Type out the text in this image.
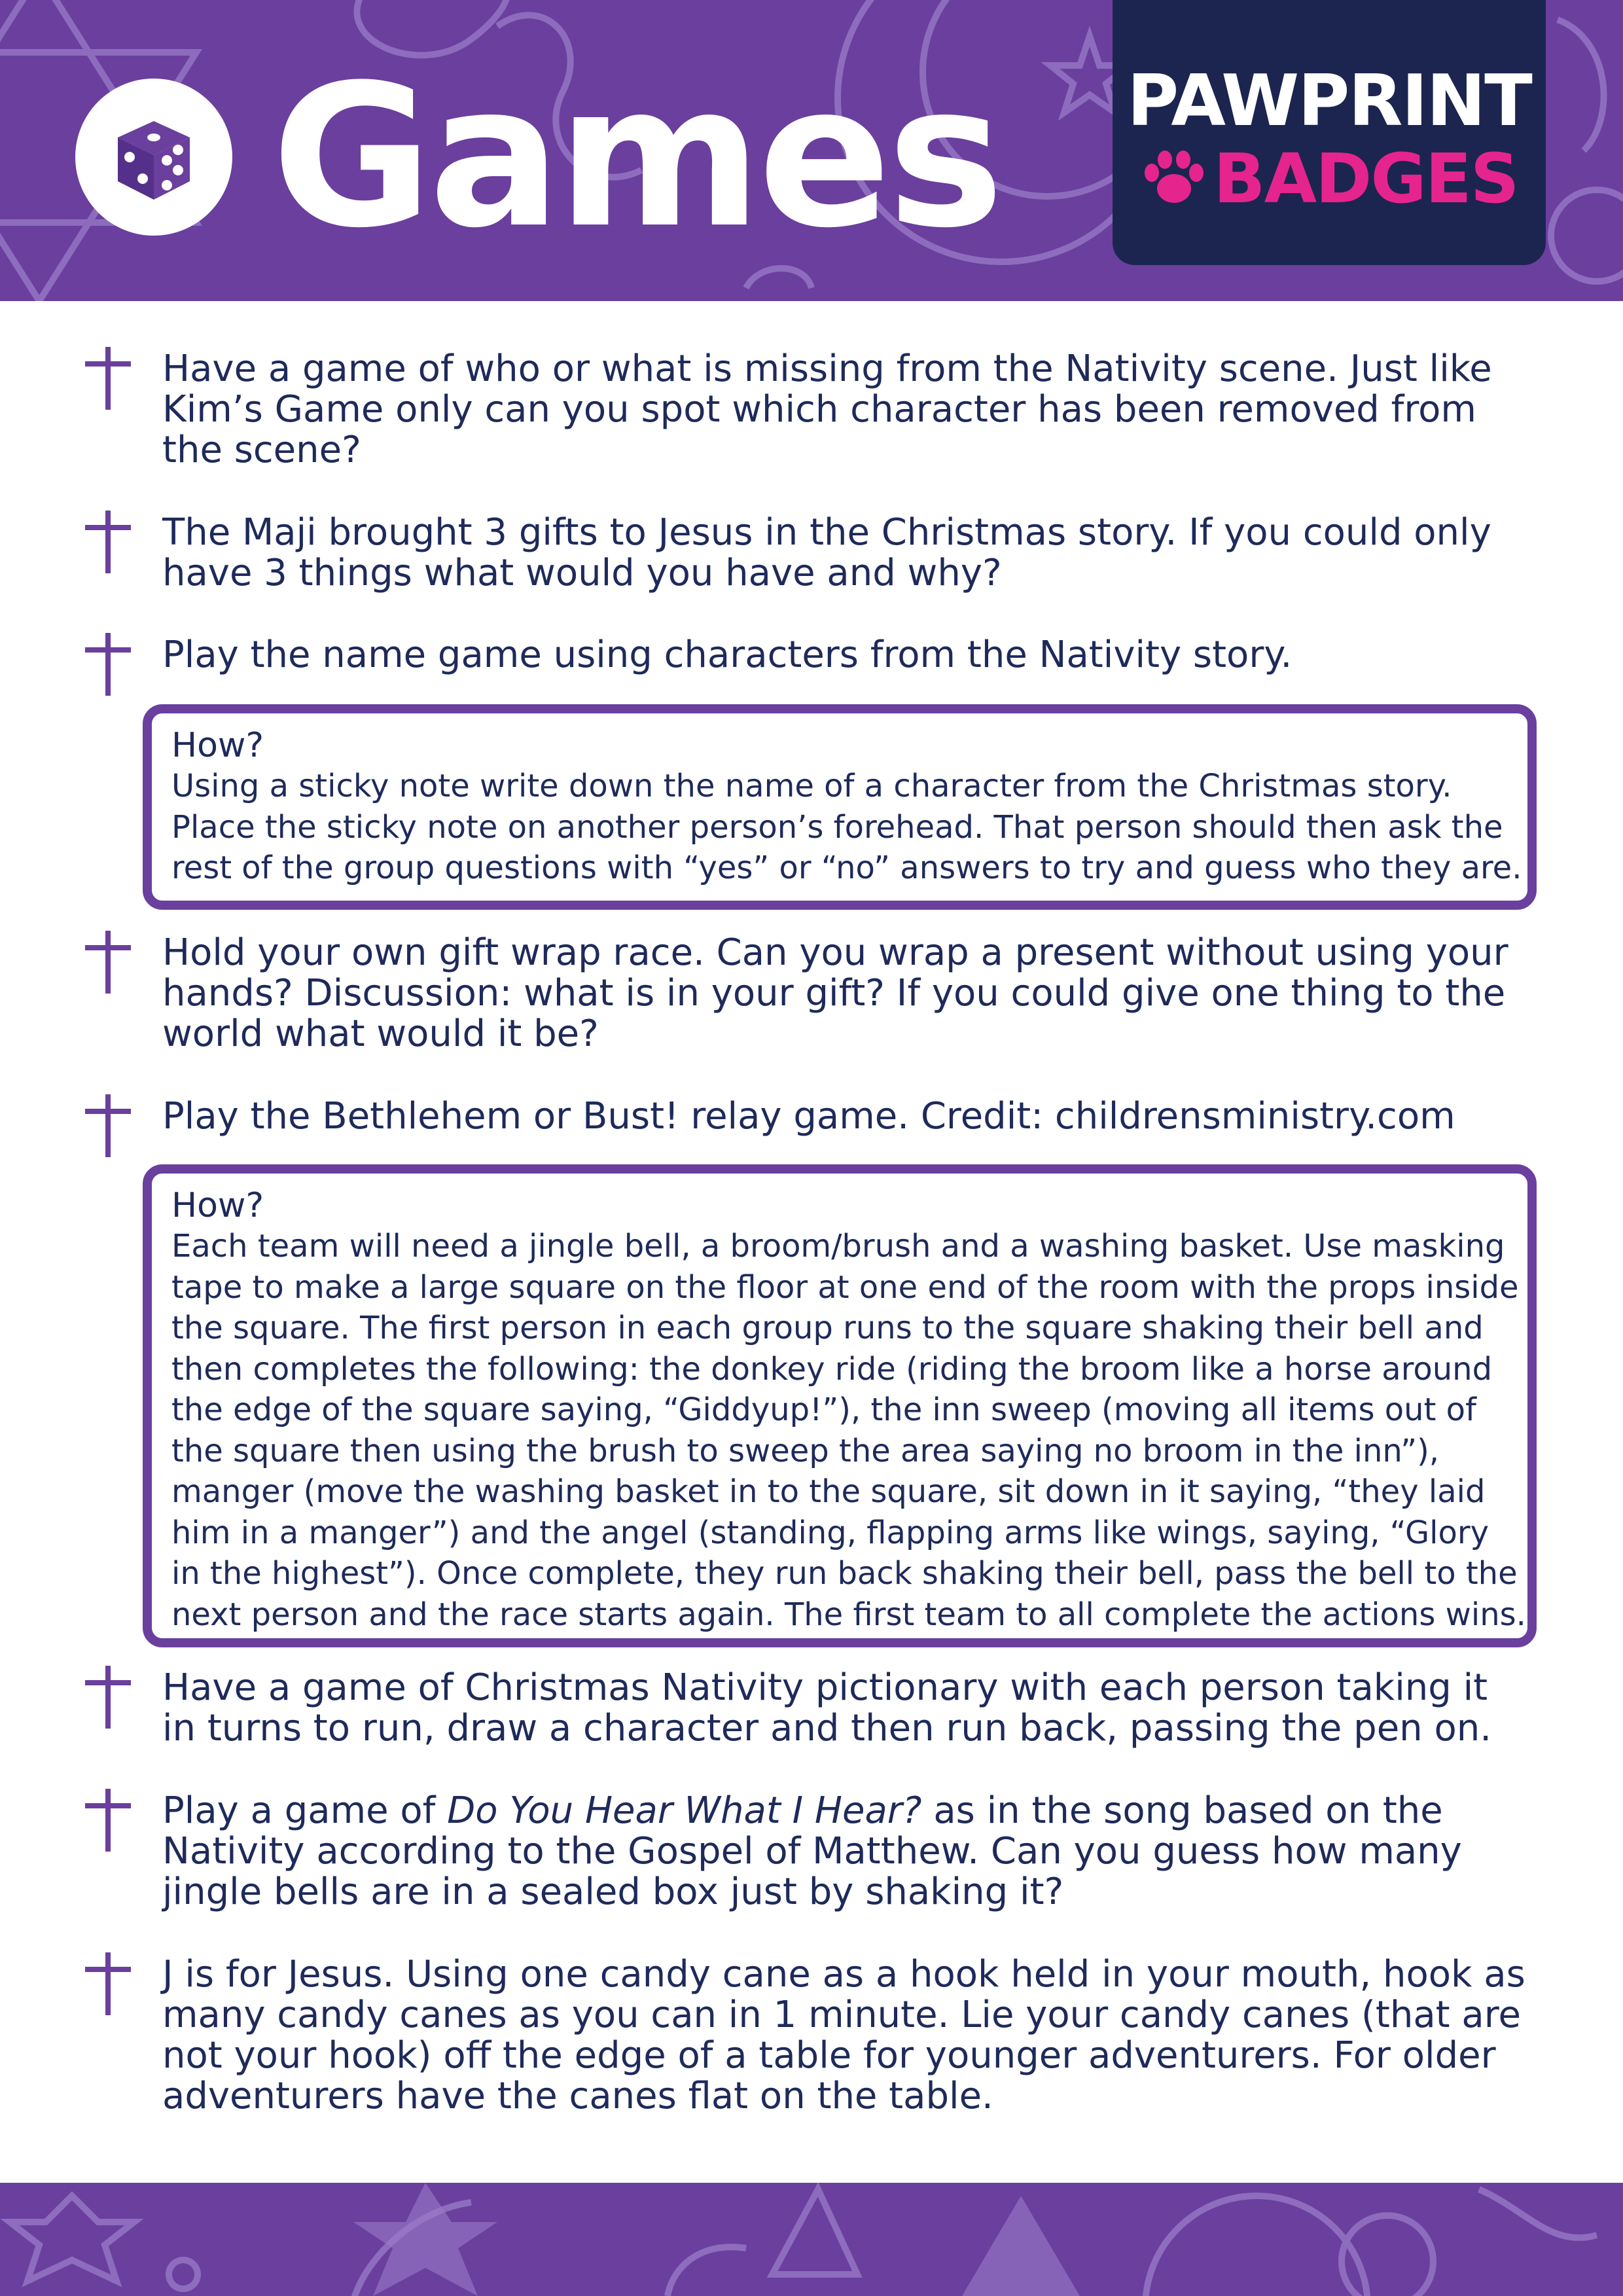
Games PAWPRINT
BADGES
Have a game of who or what is missing from the Nativity scene. Just like Kim’s Game only can you spot which character has been removed from the scene?
The Maji brought 3 gifts to Jesus in the Christmas story. If you could only have 3 things what would you have and why?
Play the name game using characters from the Nativity story.
How?
Using a sticky note write down the name of a character from the Christmas story. Place the sticky note on another person’s forehead. That person should then ask the rest of the group questions with “yes” or “no” answers to try and guess who they are.
Hold your own gift wrap race. Can you wrap a present without using your hands? Discussion: what is in your gift? If you could give one thing to the world what would it be?
Play the Bethlehem or Bust! relay game. Credit: childrensministry.com
How?
Each team will need a jingle bell, a broom/brush and a washing basket. Use masking tape to make a large square on the floor at one end of the room with the props inside the square. The first person in each group runs to the square shaking their bell and then completes the following: the donkey ride (riding the broom like a horse around the edge of the square saying, “Giddyup!”), the inn sweep (moving all items out of the square then using the brush to sweep the area saying no broom in the inn”), manger (move the washing basket in to the square, sit down in it saying, “they laid him in a manger”) and the angel (standing, flapping arms like wings, saying, “Glory in the highest”). Once complete, they run back shaking their bell, pass the bell to the next person and the race starts again. The first team to all complete the actions wins.
Have a game of Christmas Nativity pictionary with each person taking it in turns to run, draw a character and then run back, passing the pen on.
Play a game of Do You Hear What I Hear? as in the song based on the Nativity according to the Gospel of Matthew. Can you guess how many jingle bells are in a sealed box just by shaking it?
J is for Jesus. Using one candy cane as a hook held in your mouth, hook as many candy canes as you can in 1 minute. Lie your candy canes (that are not your hook) off the edge of a table for younger adventurers. For older adventurers have the canes flat on the table.
